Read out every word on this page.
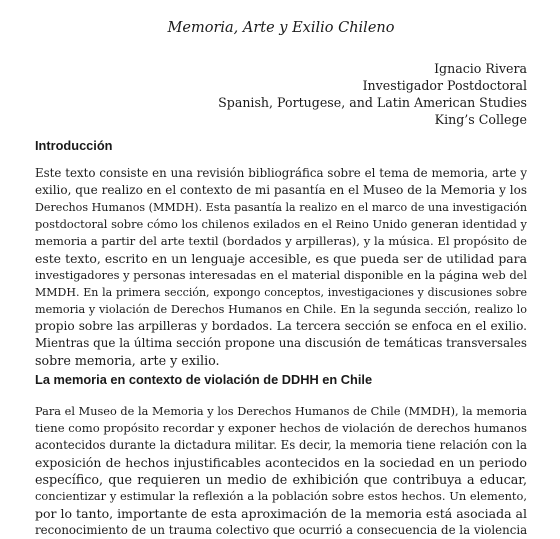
Memoria, Arte y Exilio Chileno
Ignacio Rivera
Investigador Postdoctoral
Spanish, Portugese, and Latin American Studies
King’s College
Introducción

Este texto consiste en una revisión bibliográfica sobre el tema de memoria, arte y
exilio, que realizo en el contexto de mi pasantía en el Museo de la Memoria y los
Derechos Humanos (MMDH). Esta pasantía la realizo en el marco de una investigación
postdoctoral sobre cómo los chilenos exilados en el Reino Unido generan identidad y
memoria a partir del arte textil (bordados y arpilleras), y la música. El propósito de
este texto, escrito en un lenguaje accesible, es que pueda ser de utilidad para
investigadores y personas interesadas en el material disponible en la página web del
MMDH. En la primera sección, expongo conceptos, investigaciones y discusiones sobre
memoria y violación de Derechos Humanos en Chile. En la segunda sección, realizo lo
propio sobre las arpilleras y bordados. La tercera sección se enfoca en el exilio.
Mientras que la última sección propone una discusión de temáticas transversales
sobre memoria, arte y exilio.

La memoria en contexto de violación de DDHH en Chile

Para el Museo de la Memoria y los Derechos Humanos de Chile (MMDH), la memoria
tiene como propósito recordar y exponer hechos de violación de derechos humanos
acontecidos durante la dictadura militar. Es decir, la memoria tiene relación con la
exposición de hechos injustificables acontecidos en la sociedad en un periodo
específico, que requieren un medio de exhibición que contribuya a educar,
concientizar y estimular la reflexión a la población sobre estos hechos. Un elemento,
por lo tanto, importante de esta aproximación de la memoria está asociada al
reconocimiento de un trauma colectivo que ocurrió a consecuencia de la violencia
